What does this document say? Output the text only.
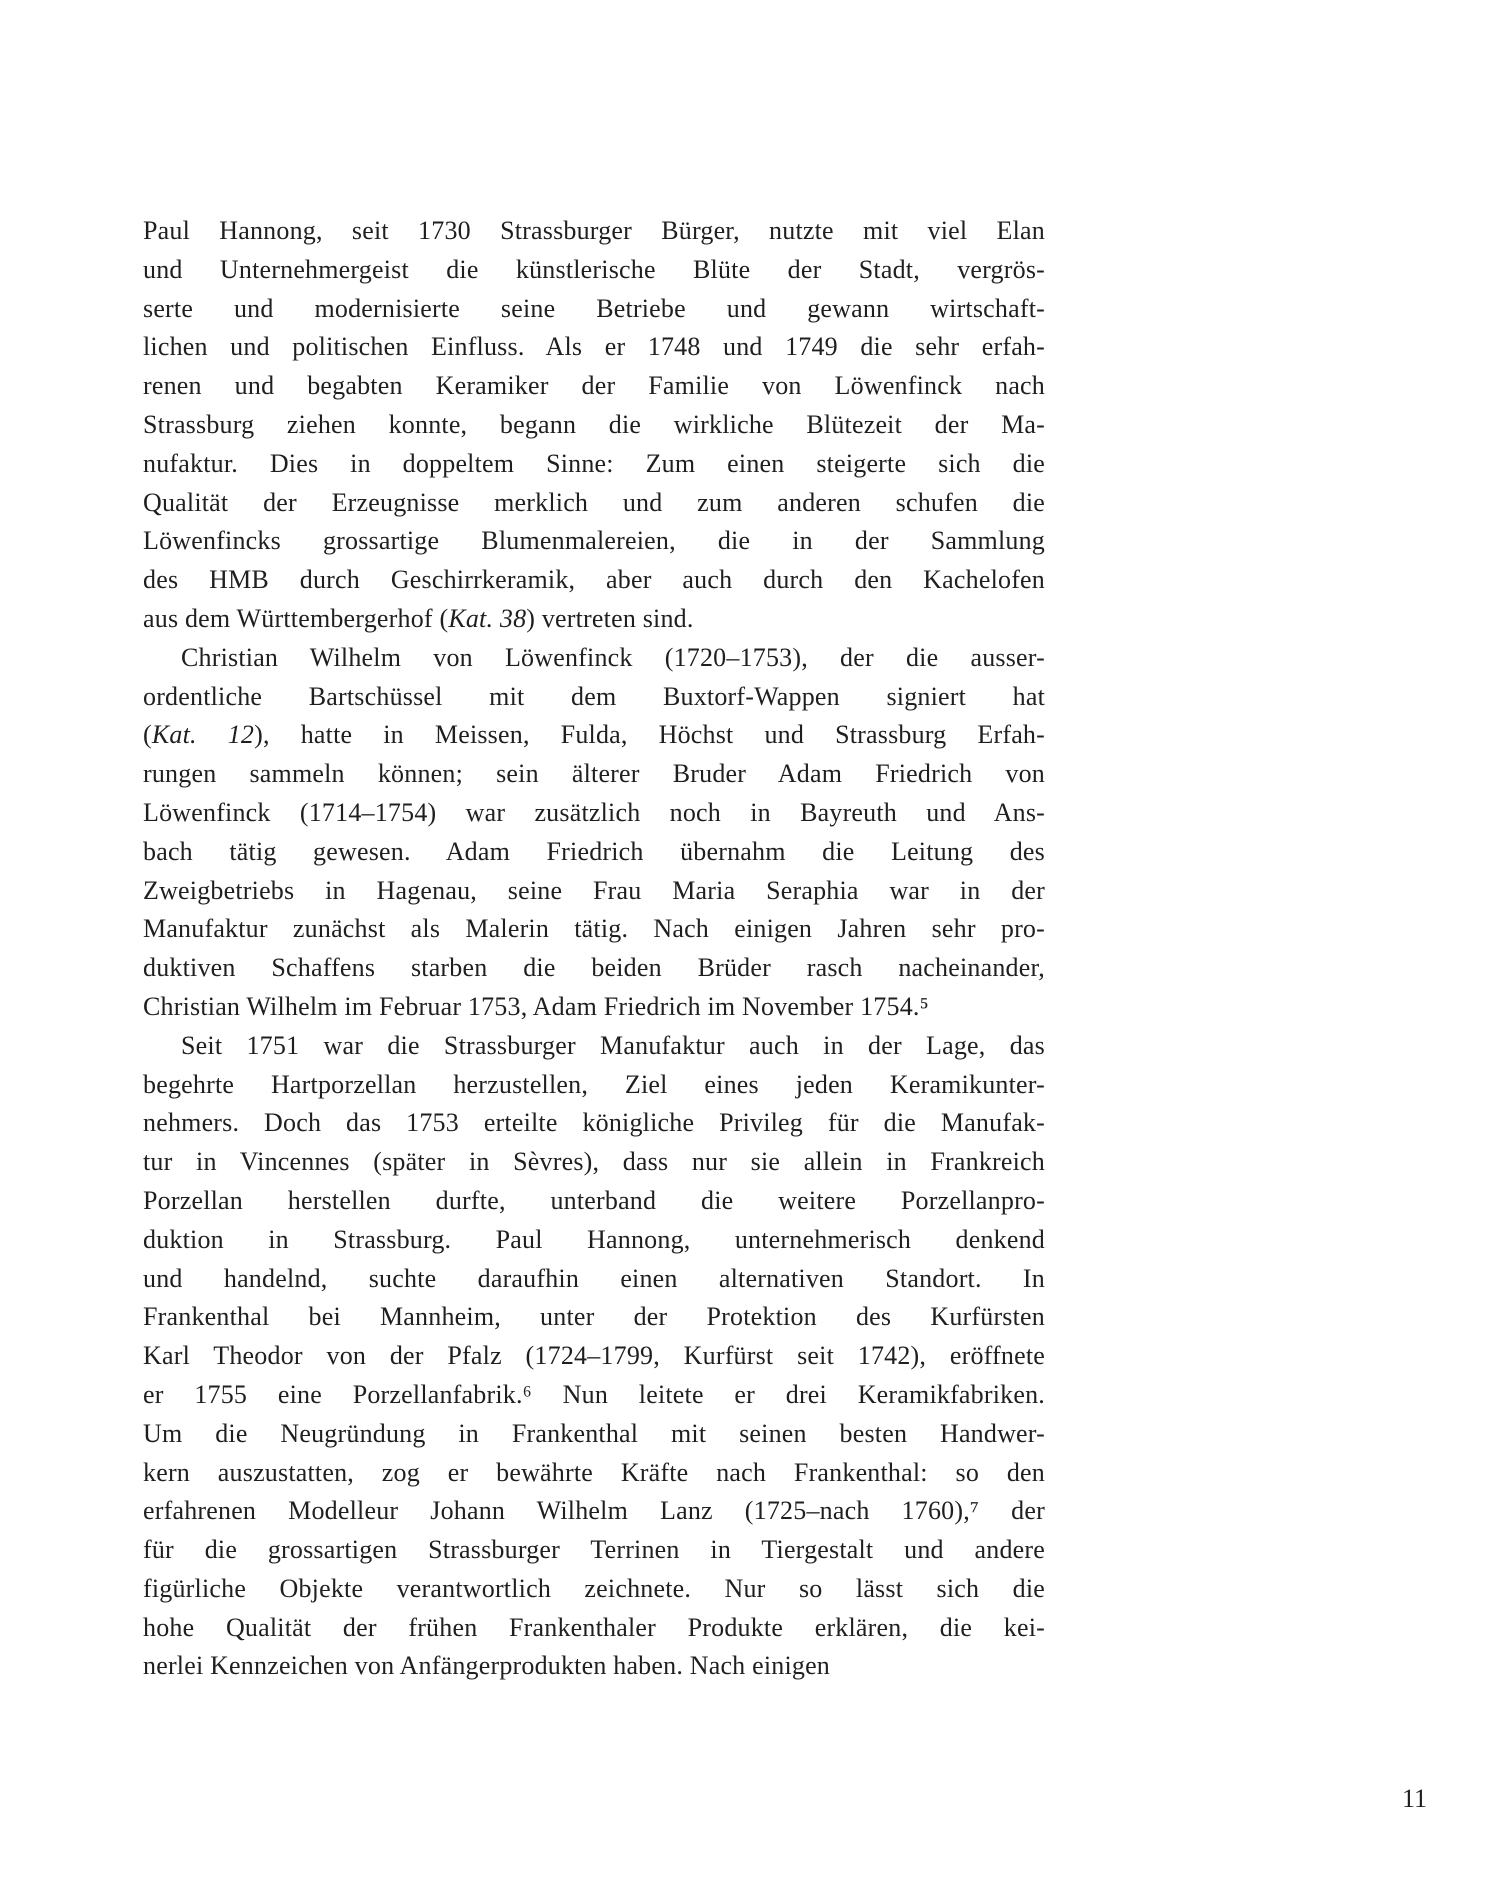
Paul Hannong, seit 1730 Strassburger Bürger, nutzte mit viel Elan
und Unternehmergeist die künstlerische Blüte der Stadt, vergrös-
serte und modernisierte seine Betriebe und gewann wirtschaft-
lichen und politischen Einfluss. Als er 1748 und 1749 die sehr erfah-
renen und begabten Keramiker der Familie von Löwenfinck nach
Strassburg ziehen konnte, begann die wirkliche Blütezeit der Ma-
nufaktur. Dies in doppeltem Sinne: Zum einen steigerte sich die
Qualität der Erzeugnisse merklich und zum anderen schufen die
Löwenfincks grossartige Blumenmalereien, die in der Sammlung
des HMB durch Geschirrkeramik, aber auch durch den Kachelofen
aus dem Württembergerhof (Kat. 38) vertreten sind.
Christian Wilhelm von Löwenfinck (1720–1753), der die ausser-
ordentliche Bartschüssel mit dem Buxtorf-Wappen signiert hat
(Kat. 12), hatte in Meissen, Fulda, Höchst und Strassburg Erfah-
rungen sammeln können; sein älterer Bruder Adam Friedrich von
Löwenfinck (1714–1754) war zusätzlich noch in Bayreuth und Ans-
bach tätig gewesen. Adam Friedrich übernahm die Leitung des
Zweigbetriebs in Hagenau, seine Frau Maria Seraphia war in der
Manufaktur zunächst als Malerin tätig. Nach einigen Jahren sehr pro-
duktiven Schaffens starben die beiden Brüder rasch nacheinander,
Christian Wilhelm im Februar 1753, Adam Friedrich im November 1754.⁵
Seit 1751 war die Strassburger Manufaktur auch in der Lage, das
begehrte Hartporzellan herzustellen, Ziel eines jeden Keramikunter-
nehmers. Doch das 1753 erteilte königliche Privileg für die Manufak-
tur in Vincennes (später in Sèvres), dass nur sie allein in Frankreich
Porzellan herstellen durfte, unterband die weitere Porzellanpro-
duktion in Strassburg. Paul Hannong, unternehmerisch denkend
und handelnd, suchte daraufhin einen alternativen Standort. In
Frankenthal bei Mannheim, unter der Protektion des Kurfürsten
Karl Theodor von der Pfalz (1724–1799, Kurfürst seit 1742), eröffnete
er 1755 eine Porzellanfabrik.⁶ Nun leitete er drei Keramikfabriken.
Um die Neugründung in Frankenthal mit seinen besten Handwer-
kern auszustatten, zog er bewährte Kräfte nach Frankenthal: so den
erfahrenen Modelleur Johann Wilhelm Lanz (1725–nach 1760),⁷ der
für die grossartigen Strassburger Terrinen in Tiergestalt und andere
figürliche Objekte verantwortlich zeichnete. Nur so lässt sich die
hohe Qualität der frühen Frankenthaler Produkte erklären, die kei-
nerlei Kennzeichen von Anfängerprodukten haben. Nach einigen
11
